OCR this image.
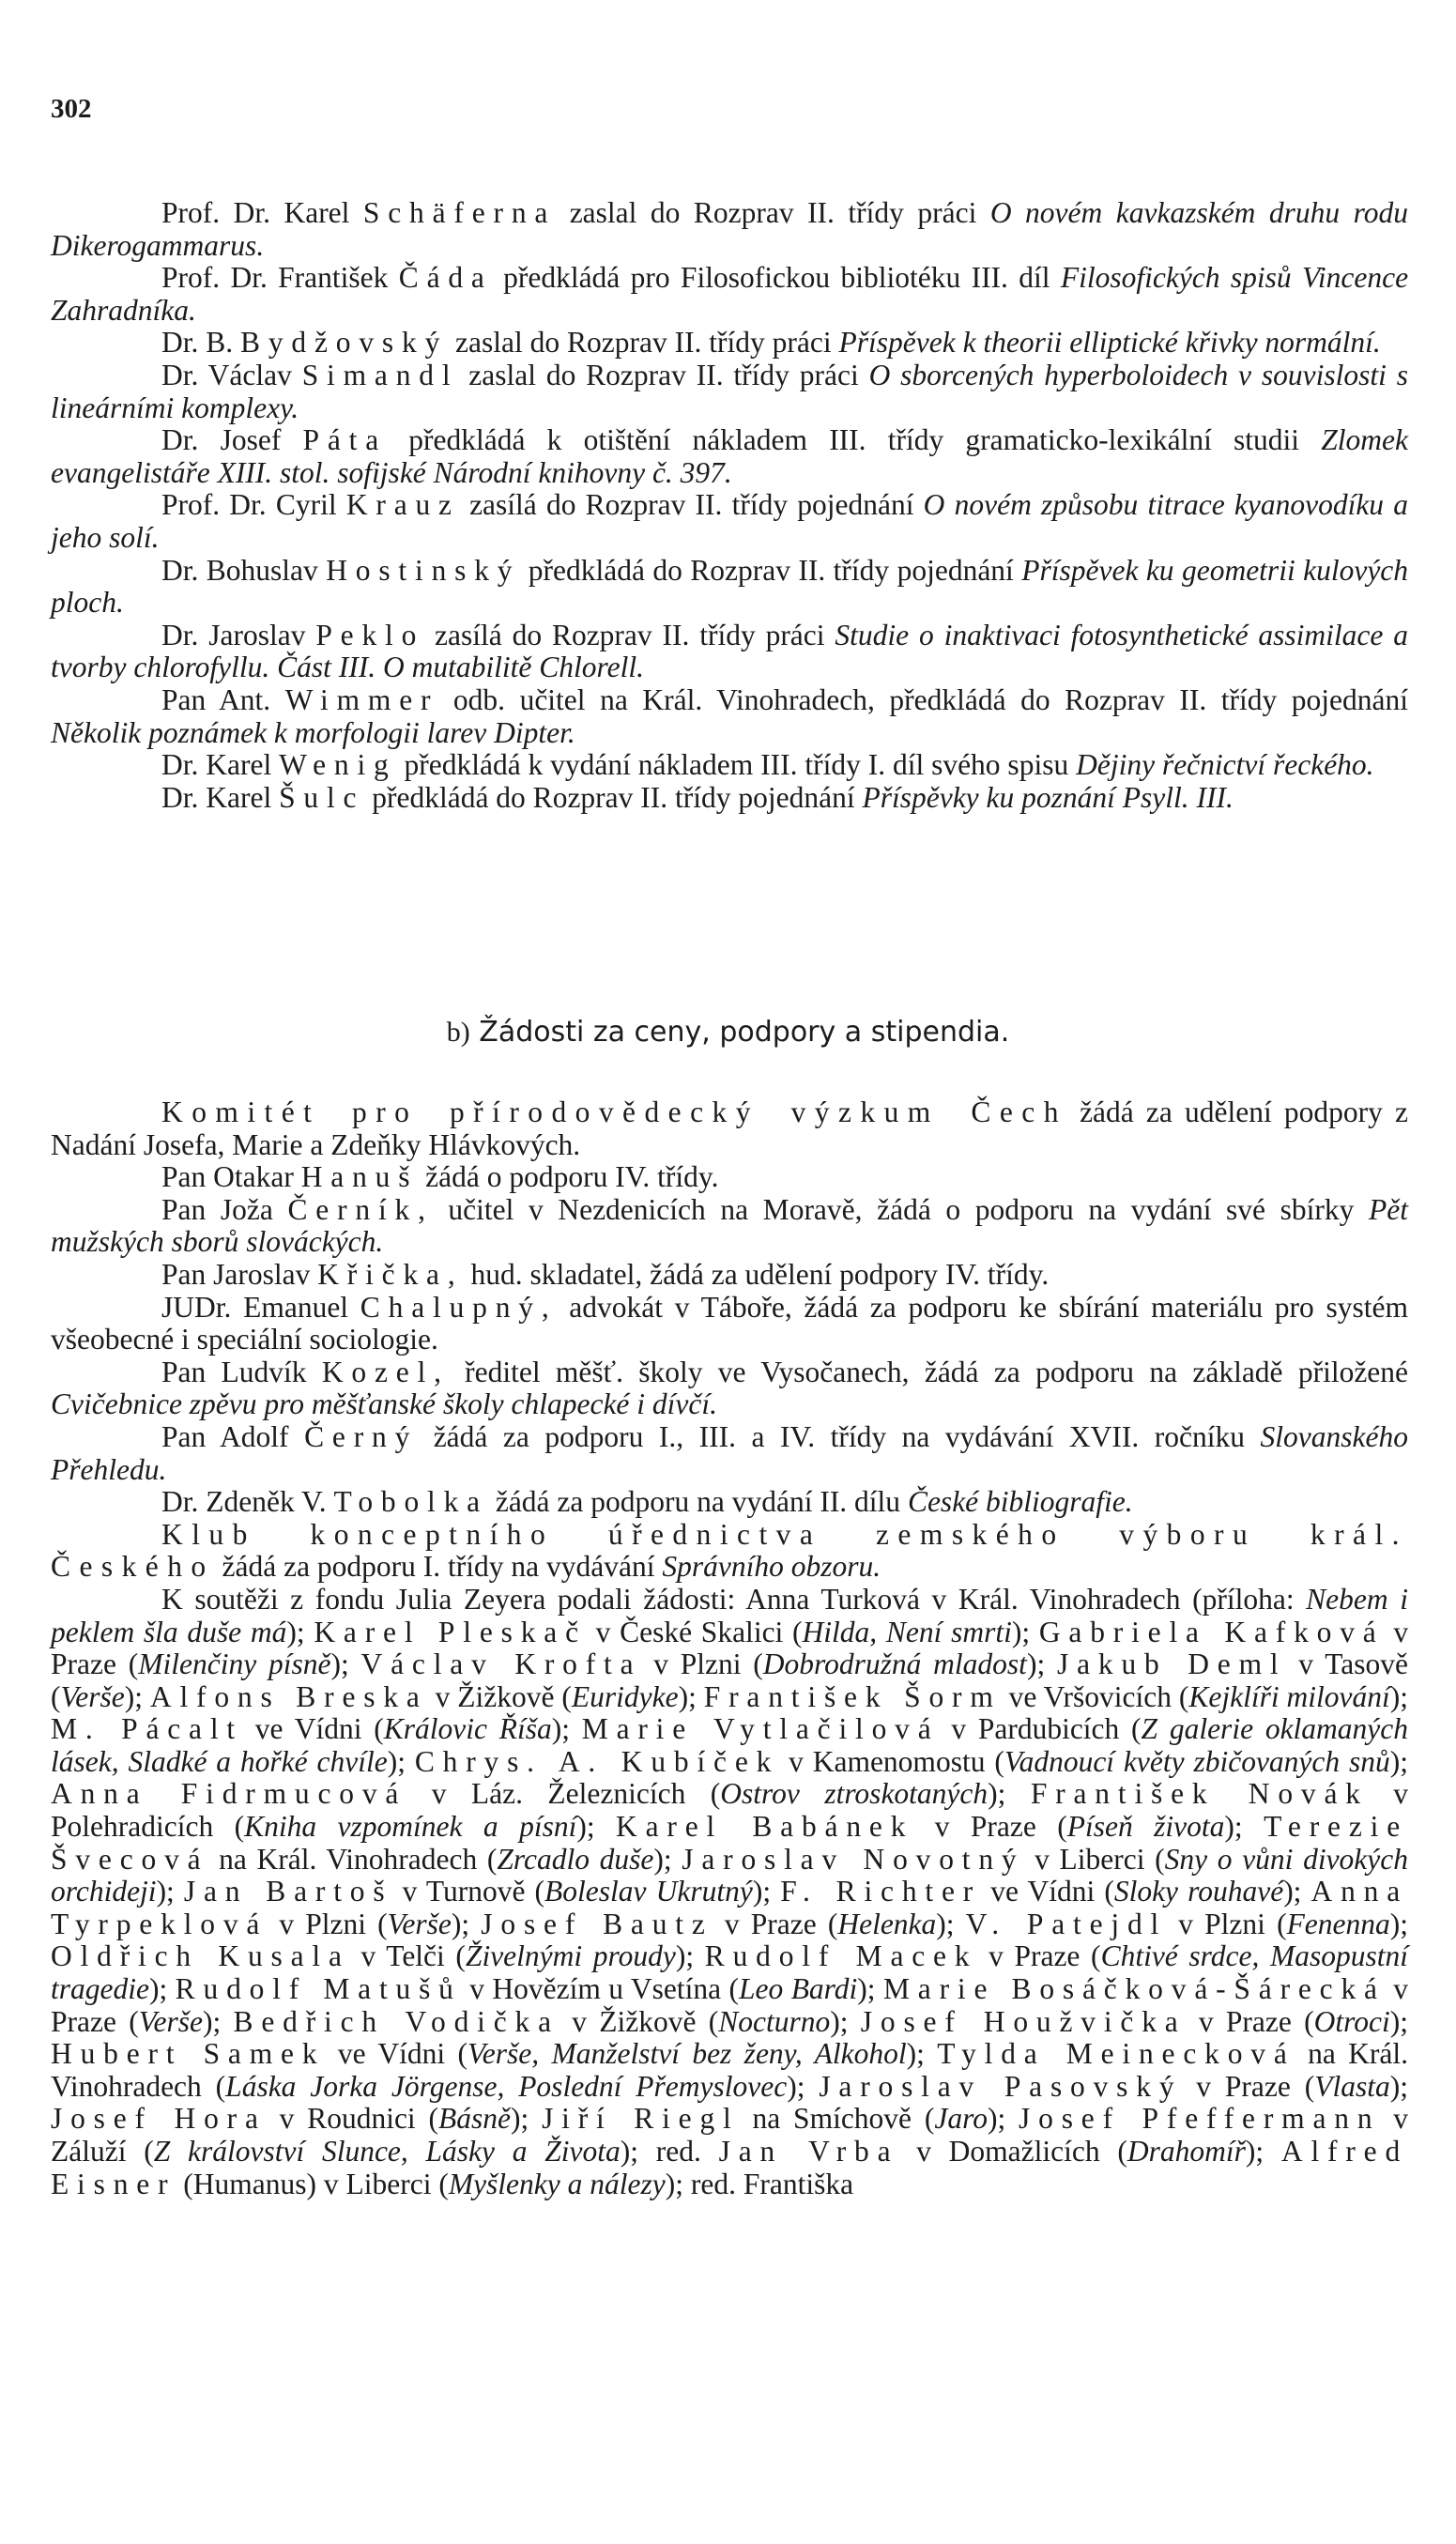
302

Prof. Dr. Karel Schäferna zaslal do Rozprav II. třídy práci O novém kavkazském druhu rodu Dikerogammarus.

Prof. Dr. František Čáda předkládá pro Filosofickou bibliotéku III. díl Filosofických spisů Vincence Zahradníka.

Dr. B. Bydžovský zaslal do Rozprav II. třídy práci Příspěvek k theorii elliptické křivky normální.

Dr. Václav Simandl zaslal do Rozprav II. třídy práci O sborcených hyperboloidech v souvislosti s lineárními komplexy.

Dr. Josef Páta předkládá k otištění nákladem III. třídy gramaticko-lexikální studii Zlomek evangelistáře XIII. stol. sofijské Národní knihovny č. 397.

Prof. Dr. Cyril Krauz zasílá do Rozprav II. třídy pojednání O novém způsobu titrace kyanovodíku a jeho solí.

Dr. Bohuslav Hostinský předkládá do Rozprav II. třídy pojednání Příspěvek ku geometrii kulových ploch.

Dr. Jaroslav Peklo zasílá do Rozprav II. třídy práci Studie o inaktivaci fotosynthetické assimilace a tvorby chlorofyllu. Část III. O mutabilitě Chlorell.

Pan Ant. Wimmer odb. učitel na Král. Vinohradech, předkládá do Rozprav II. třídy pojednání Několik poznámek k morfologii larev Dipter.

Dr. Karel Wenig předkládá k vydání nákladem III. třídy I. díl svého spisu Dějiny řečnictví řeckého.

Dr. Karel Šulc předkládá do Rozprav II. třídy pojednání Příspěvky ku poznání Psyll. III.

b) Žádosti za ceny, podpory a stipendia.

Komitét pro přírodovědecký výzkum Čech žádá za udělení podpory z Nadání Josefa, Marie a Zdeňky Hlávkových.

Pan Otakar Hanuš žádá o podporu IV. třídy.

Pan Joža Černík, učitel v Nezdenicích na Moravě, žádá o podporu na vydání své sbírky Pět mužských sborů slováckých.

Pan Jaroslav Křička, hud. skladatel, žádá za udělení podpory IV. třídy.

JUDr. Emanuel Chalupný, advokát v Táboře, žádá za podporu ke sbírání materiálu pro systém všeobecné i speciální sociologie.

Pan Ludvík Kozel, ředitel měšť. školy ve Vysočanech, žádá za podporu na základě přiložené Cvičebnice zpěvu pro měšťanské školy chlapecké i dívčí.

Pan Adolf Černý žádá za podporu I., III. a IV. třídy na vydávání XVII. ročníku Slovanského Přehledu.

Dr. Zdeněk V. Tobolka žádá za podporu na vydání II. dílu České bibliografie.

Klub konceptního úřednictva zemského výboru král. Českého žádá za podporu I. třídy na vydávání Správního obzoru.

K soutěži z fondu Julia Zeyera podali žádosti: Anna Turková v Král. Vinohradech (příloha: Nebem i peklem šla duše má); Karel Pleskač v České Skalici (Hilda, Není smrti); Gabriela Kafková v Praze (Milenčiny písně); Václav Krofta v Plzni (Dobrodružná mladost); Jakub Deml v Tasově (Verše); Alfons Breska v Žižkově (Euridyke); František Šorm ve Vršovicích (Kejklíři milování); M. Pácalt ve Vídni (Královic Říša); Marie Vytlačilová v Pardubicích (Z galerie oklamaných lásek, Sladké a hořké chvíle); Chrys. A. Kubíček v Kamenomostu (Vadnoucí květy zbičovaných snů); Anna Fidrmucová v Láz. Železnicích (Ostrov ztroskotaných); František Novák v Polehradicích (Kniha vzpomínek a písní); Karel Babánek v Praze (Píseň života); Terezie Švecová na Král. Vinohradech (Zrcadlo duše); Jaroslav Novotný v Liberci (Sny o vůni divokých orchideji); Jan Bartoš v Turnově (Boleslav Ukrutný); F. Richter ve Vídni (Sloky rouhavé); Anna Tyrpeklová v Plzni (Verše); Josef Bautz v Praze (Helenka); V. Patejdl v Plzni (Fenenna); Oldřich Kusala v Telči (Živelnými proudy); Rudolf Macek v Praze (Chtivé srdce, Masopustní tragedie); Rudolf Matušů v Hovězím u Vsetína (Leo Bardi); Marie Bosáčková-Šárecká v Praze (Verše); Bedřich Vodička v Žižkově (Nocturno); Josef Houžvička v Praze (Otroci); Hubert Samek ve Vídni (Verše, Manželství bez ženy, Alkohol); Tylda Meinecková na Král. Vinohradech (Láska Jorka Jörgense, Poslední Přemyslovec); Jaroslav Pasovský v Praze (Vlasta); Josef Hora v Roudnici (Básně); Jiří Riegl na Smíchově (Jaro); Josef Pfeffermann v Záluží (Z království Slunce, Lásky a Života); red. Jan Vrba v Domažlicích (Drahomíř); Alfred Eisner (Humanus) v Liberci (Myšlenky a nálezy); red. Františka
